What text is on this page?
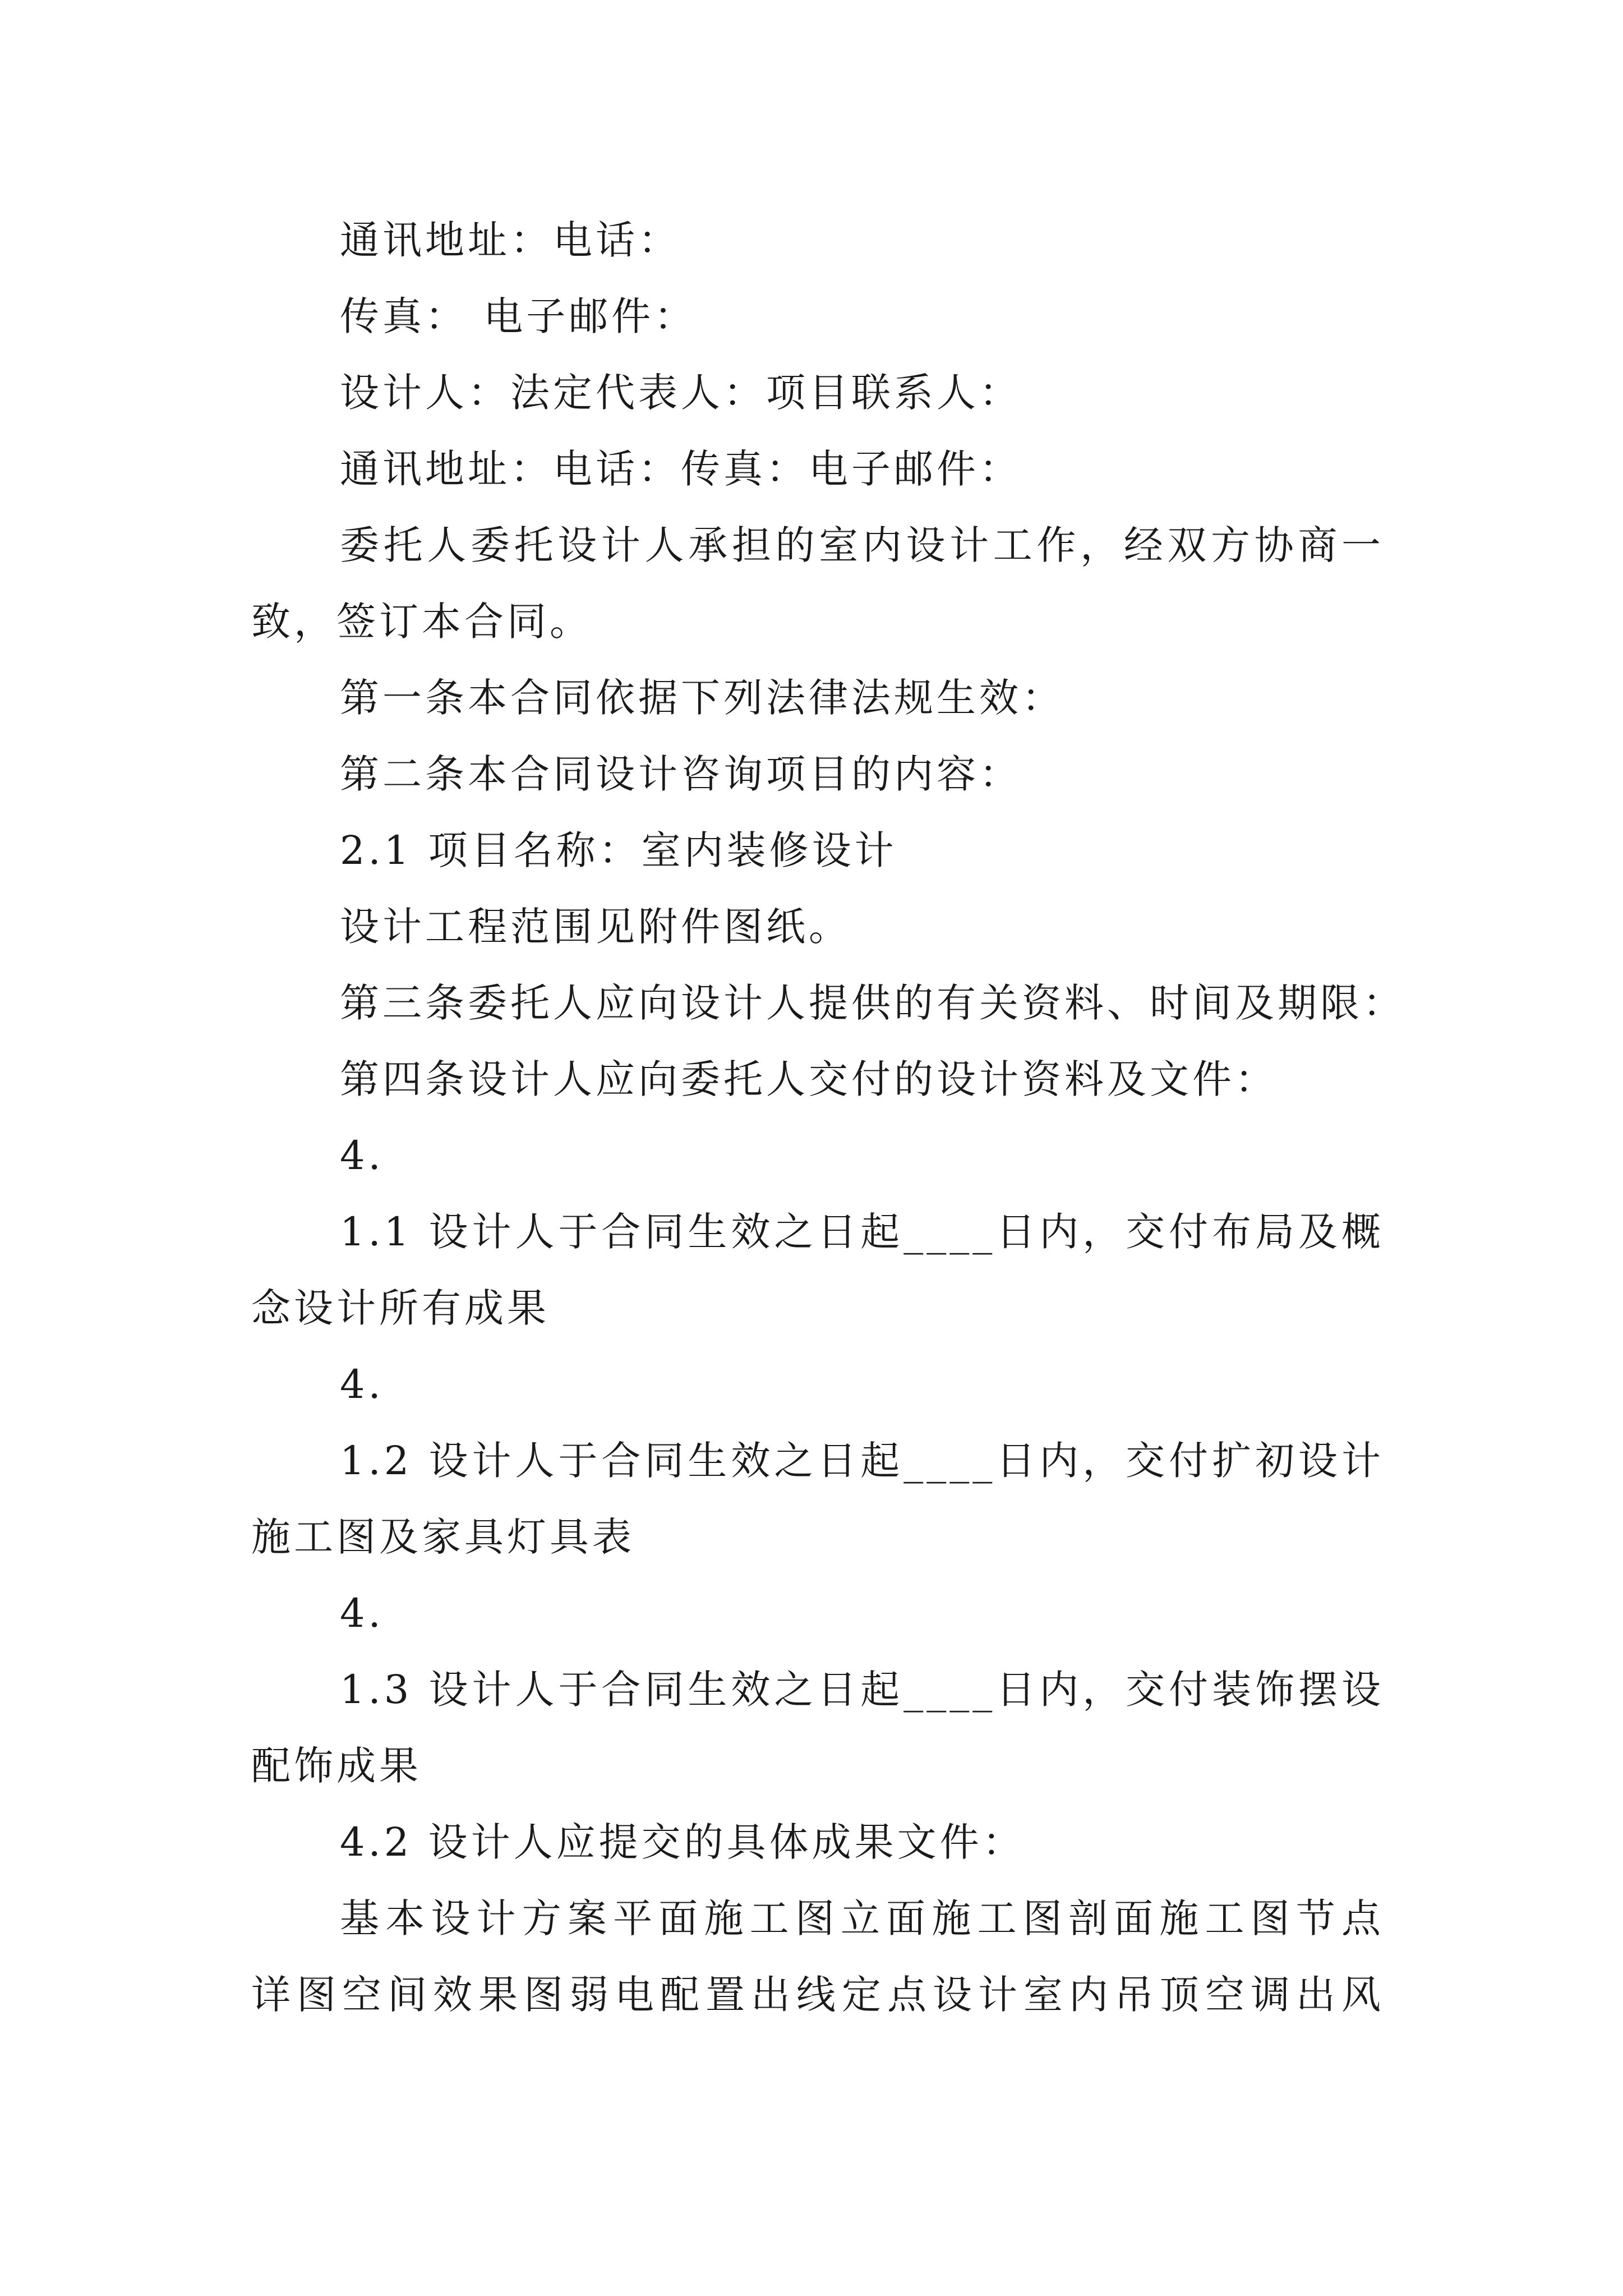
通讯地址：电话：
传真： 电子邮件：
设计人：法定代表人：项目联系人：
通讯地址：电话：传真：电子邮件：
委托人委托设计人承担的室内设计工作，经双方协商一
致，签订本合同。
第一条本合同依据下列法律法规生效：
第二条本合同设计咨询项目的内容：
2.1 项目名称：室内装修设计
设计工程范围见附件图纸。
第三条委托人应向设计人提供的有关资料、时间及期限：
第四条设计人应向委托人交付的设计资料及文件：
4.
1.1 设计人于合同生效之日起____日内，交付布局及概
念设计所有成果
4.
1.2 设计人于合同生效之日起____日内，交付扩初设计
施工图及家具灯具表
4.
1.3 设计人于合同生效之日起____日内，交付装饰摆设
配饰成果
4.2 设计人应提交的具体成果文件：
基本设计方案平面施工图立面施工图剖面施工图节点
详图空间效果图弱电配置出线定点设计室内吊顶空调出风
